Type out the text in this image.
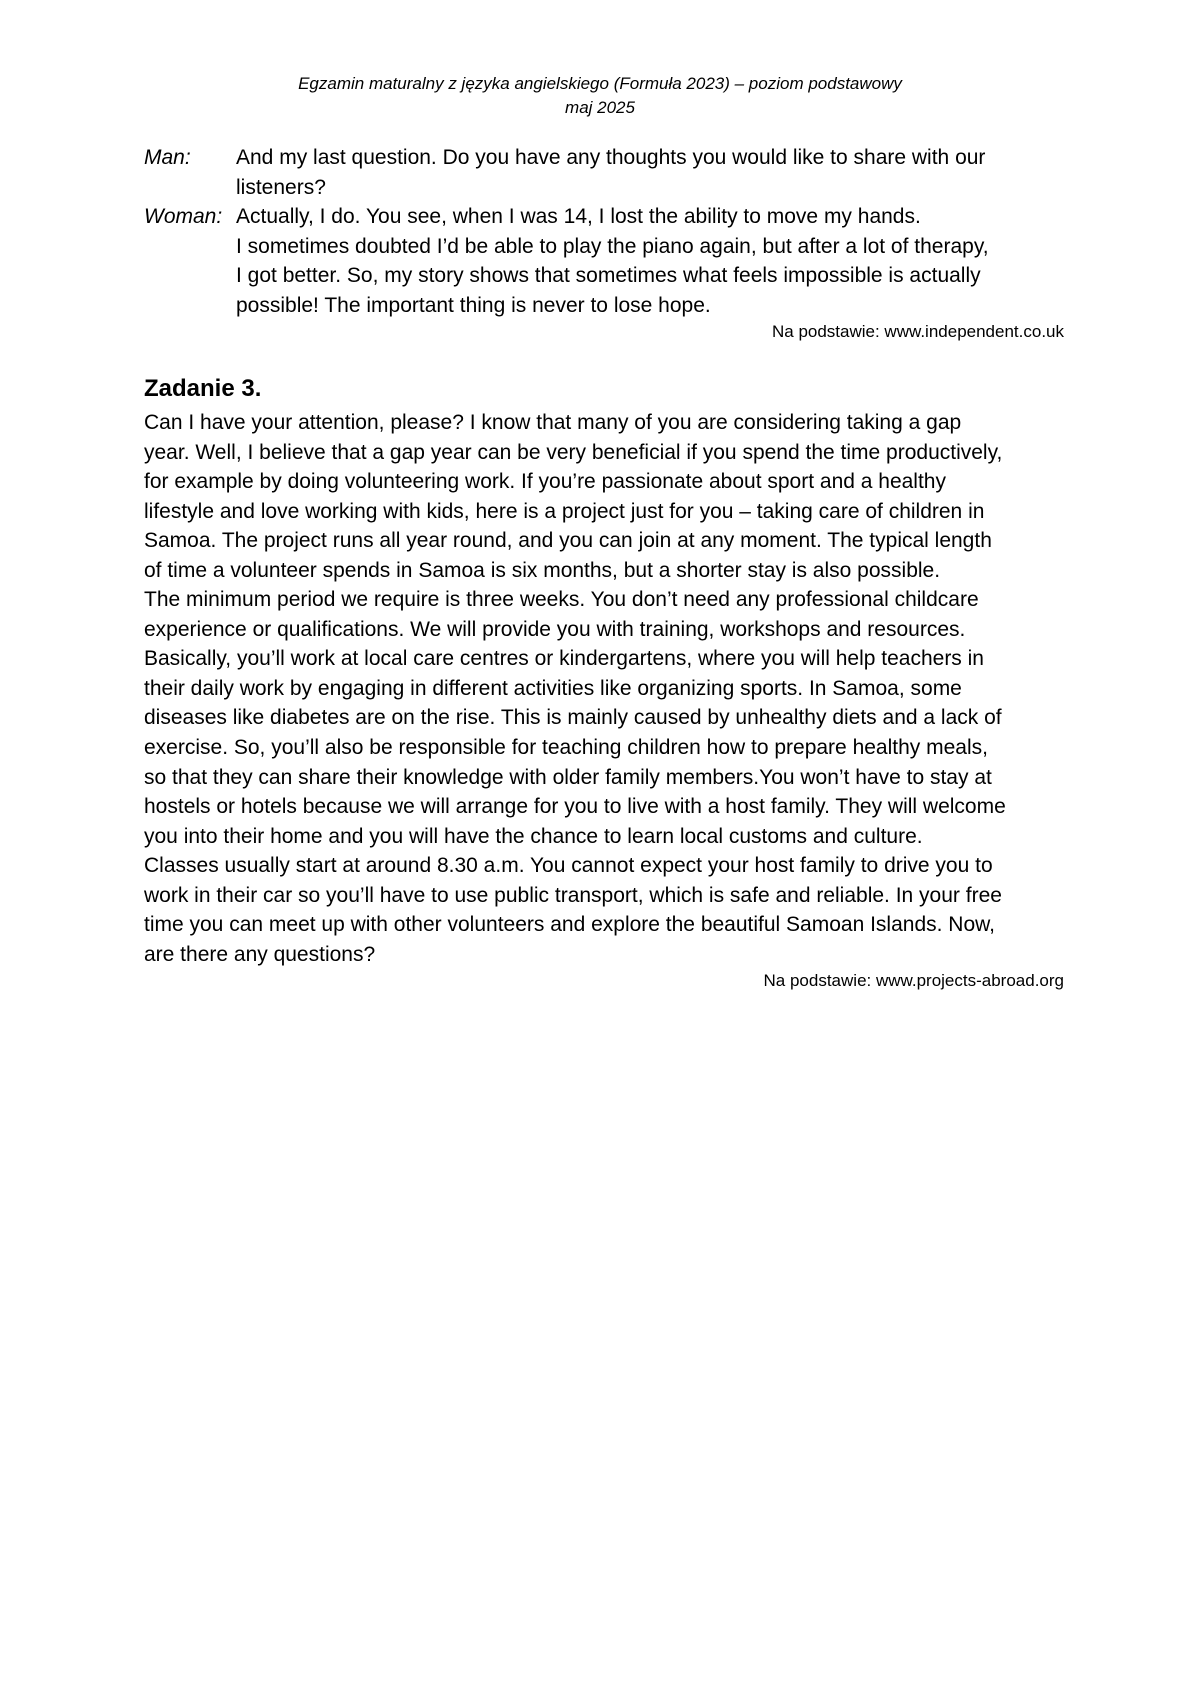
Egzamin maturalny z języka angielskiego (Formuła 2023) – poziom podstawowy
maj 2025
Man:	And my last question. Do you have any thoughts you would like to share with our
listeners?
Woman: Actually, I do. You see, when I was 14, I lost the ability to move my hands.
I sometimes doubted I’d be able to play the piano again, but after a lot of therapy,
I got better. So, my story shows that sometimes what feels impossible is actually
possible! The important thing is never to lose hope.
Na podstawie: www.independent.co.uk
Zadanie 3.
Can I have your attention, please? I know that many of you are considering taking a gap
year. Well, I believe that a gap year can be very beneficial if you spend the time productively,
for example by doing volunteering work. If you’re passionate about sport and a healthy
lifestyle and love working with kids, here is a project just for you – taking care of children in
Samoa. The project runs all year round, and you can join at any moment. The typical length
of time a volunteer spends in Samoa is six months, but a shorter stay is also possible.
The minimum period we require is three weeks. You don’t need any professional childcare
experience or qualifications. We will provide you with training, workshops and resources.
Basically, you’ll work at local care centres or kindergartens, where you will help teachers in
their daily work by engaging in different activities like organizing sports. In Samoa, some
diseases like diabetes are on the rise. This is mainly caused by unhealthy diets and a lack of
exercise. So, you’ll also be responsible for teaching children how to prepare healthy meals,
so that they can share their knowledge with older family members.You won’t have to stay at
hostels or hotels because we will arrange for you to live with a host family. They will welcome
you into their home and you will have the chance to learn local customs and culture.
Classes usually start at around 8.30 a.m. You cannot expect your host family to drive you to
work in their car so you’ll have to use public transport, which is safe and reliable. In your free
time you can meet up with other volunteers and explore the beautiful Samoan Islands. Now,
are there any questions?
Na podstawie: www.projects-abroad.org
